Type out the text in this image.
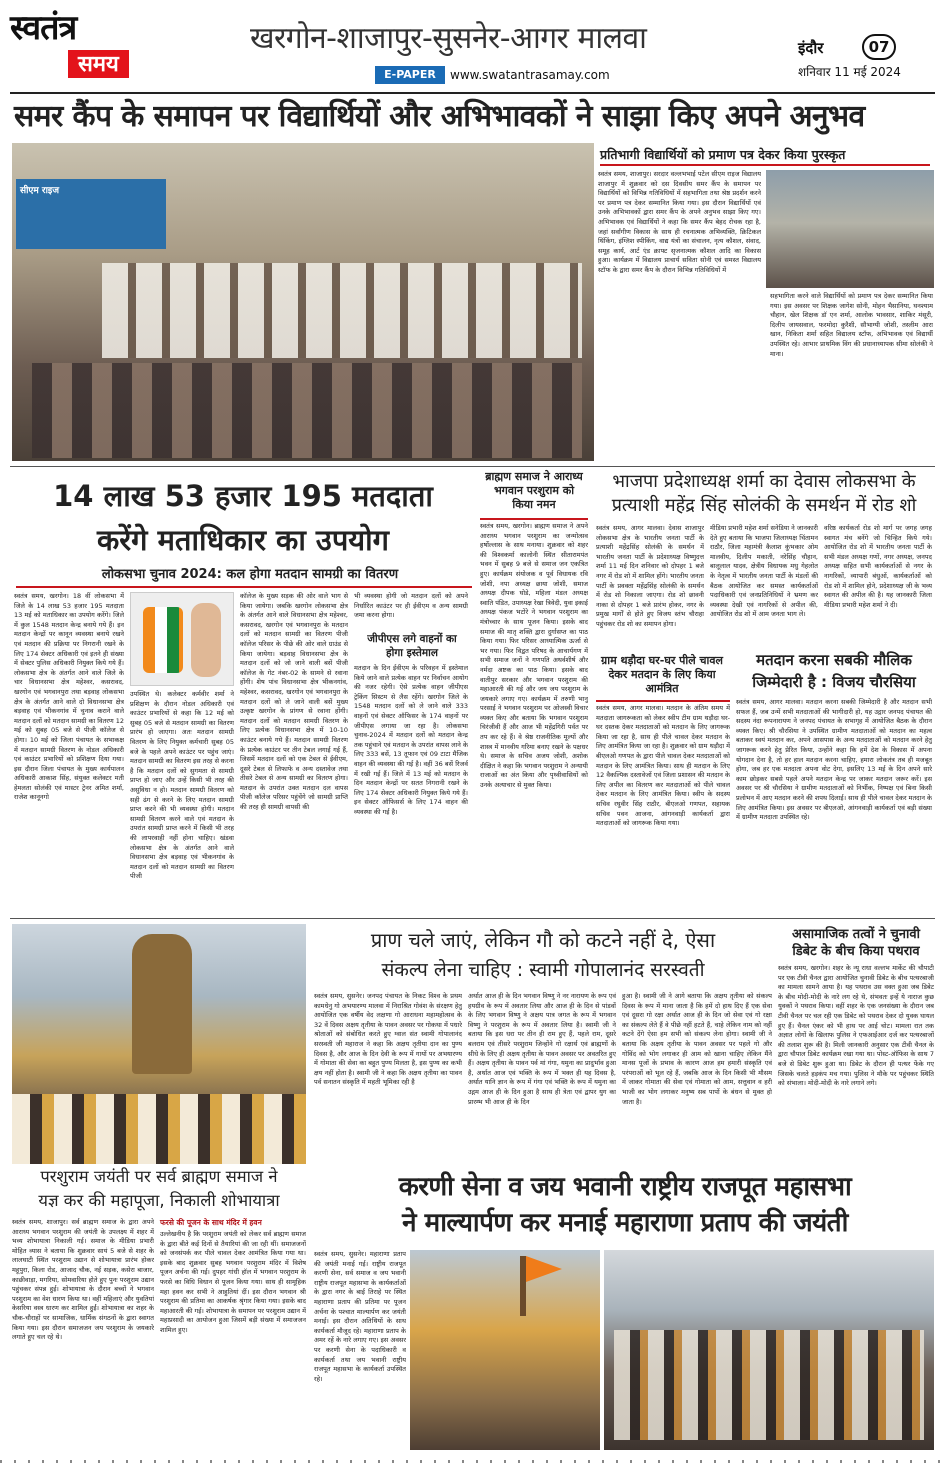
स्वतंत्र
समय
खरगोन-शाजापुर-सुसनेर-आगर मालवा	इंदौर	07
शनिवार 11 मई 2024
E-PAPER	www.swatantrasamay.com
समर कैंप के समापन पर विद्यार्थियों और अभिभावकों ने साझा किए अपने अनुभव
सीएम राइज
प्रतिभागी विद्यार्थियों को प्रमाण पत्र देकर किया पुरस्कृत
स्वतंत्र समय, शाजापुर। सरदार वल्लभभाई पटेल सीएम राइज विद्यालय शाजापुर में शुक्रवार को दस दिवसीय समर कैंप के समापन पर विद्यार्थियों को विभिन्न गतिविधियों में सहभागिता तथा श्रेष्ठ प्रदर्शन करने पर प्रमाण पत्र देकर सम्मानित किया गया। इस दौरान विद्यार्थियों एवं उनके अभिभावकों द्वारा समर कैंप के अपने अनुभव साझा किए गए। अभिभावक एवं विद्यार्थियों ने कहा कि समर कैंप बेहद रोचक रहा है, जहां सर्वांगीण विकास के साथ ही रचनात्मक अभिव्यक्ति, क्रिटिकल थिंकिंग, इंग्लिश स्पीकिंग, वाद्य यंत्रों का संचालन, नृत्य कौशल, संवाद, समूह कार्य, आर्ट एंड क्राफ्ट सृजनात्मक कौशल आदि का विकास हुआ। कार्यक्रम में विद्यालय प्राचार्य सविता सोनी एवं समस्त विद्यालय स्टॉफ के द्वारा समर कैंप के दौरान विभिन्न गतिविधियों में
सहभागिता करने वाले विद्यार्थियों को प्रमाण पत्र देकर सम्मानित किया गया। इस अवसर पर शिक्षक जागेश सोनी, मोहन भैसानिया, घनश्याम चौहान, खेल शिक्षक डॉ एन शर्मा, आलोक भावसार, शाकिर मंसूरी, दिलीप जायसवाल, फरमोदा कुरैशी, सौभाग्यी जोशी, तस्लीम आरा खान, निकिता शर्मा सहित विद्यालय स्टॉफ, अभिभावक एवं विद्यार्थी उपस्थित रहे। आभार प्राथमिक विंग की प्रधानाध्यापक सीमा सोलंकी ने माना।
14 लाख 53 हजार 195 मतदाता
करेंगे मताधिकार का उपयोग
लोकसभा चुनाव 2024: कल होगा मतदान सामग्री का वितरण
स्वतंत्र समय, खरगोन। 18 वीं लोकसभा में जिले के 14 लाख 53 हजार 195 मतदाता 13 मई को मताधिकार का उपयोग करेंगे। जिले में कुल 1548 मतदान केन्द्र बनाये गये हैं। इन मतदान केन्द्रों पर कानून व्यवस्था बनाये रखने एवं मतदान की प्रक्रिया पर निगरानी रखने के लिए 174 सेक्टर अधिकारी एवं इतने ही संख्या में सेक्टर पुलिस अधिकारी नियुक्त किये गये हैं। लोकसभा क्षेत्र के अंतर्गत आने वाले जिले के चार विधानसभा क्षेत्र महेश्वर, कसरावद, खरगोन एवं भगवानपुरा तथा बड़वाह लोकसभा क्षेत्र के अंतर्गत आने वाले दो विधानसभा क्षेत्र बड़वाह एवं भीकनगांव में चुनाव कराने वाले मतदान दलों को मतदान सामग्री का वितरण 12 मई को सुबह 05 बजे से पीजी कॉलेज से होगा। 10 मई को जिला पंचायत के सभाकक्ष में मतदान सामग्री वितरण के नोडल अधिकारी एवं काउंटर प्रभारियों को प्रशिक्षण दिया गया। इस दौरान जिला पंचायत के मुख्य कार्यपालन अधिकारी आकाश सिंह, संयुक्त कलेक्टर मती हेमलता सोलंकी एवं मास्टर ट्रेनर अमित शर्मा, राजेश कानूनगो
उपस्थित थे। कलेक्टर कर्मवीर शर्मा ने प्रशिक्षण के दौरान नोडल अधिकारी एवं काउंटर प्रभारियों से कहा कि 12 मई को सुबह 05 बजे से मतदान सामग्री का वितरण प्रारंभ हो जाएगा। अतः मतदान सामग्री वितरण के लिए नियुक्त कर्मचारी सुबह 05 बजे के पहले अपने काउंटर पर पहुंच जाएं। मतदान सामग्री का वितरण इस तरह से करना है कि मतदान दलों को सुगमता से सामग्री प्राप्त हो जाए और उन्हें किसी भी तरह की असुविधा न हो। मतदान सामग्री वितरण को सही ढंग से करने के लिए मतदान सामग्री प्राप्त करने की भी व्यवस्था होगी। मतदान सामग्री वितरण करने वाले एवं मतदान के उपरांत सामग्री प्राप्त करने में किसी भी तरह की लापरवाही नहीं होना चाहिए। खंडवा लोकसभा क्षेत्र के अंतर्गत आने वाले विधानसभा क्षेत्र बड़वाह एवं भीकनगांव के मतदान दलों को मतदान सामग्री का वितरण पीजी
कॉलेज के मुख्य सड़क की ओर वाले भाग से किया जायेगा। जबकि खरगोन लोकसभा क्षेत्र के अंतर्गत आने वाले विधानसभा क्षेत्र महेश्वर, कसरावद, खरगोन एवं भगवानपुरा के मतदान दलों को मतदान सामग्री का वितरण पीजी कॉलेज परिसर के पीछे की ओर वाले ग्राउंड से किया जायेगा। बड़वाह विधानसभा क्षेत्र के मतदान दलों को जो जाने वाली बसें पीजी कॉलेज के गेट नंबर-02 के सामने से रवाना होंगी। शेष पांच विधानसभा क्षेत्र भीकनगांव, महेश्वर, कसरावद, खरगोन एवं भगवानपुरा के मतदान दलों को ले जाने वाली बसें मुख्य उत्कृष्ट खरगोन के प्रांगण से रवाना होंगी। मतदान दलों को मतदान सामग्री वितरण के लिए प्रत्येक विधानसभा क्षेत्र में 10-10 काउंटर बनाये गये हैं। मतदान सामग्री वितरण के प्रत्येक काउंटर पर तीन टेबल लगाई गई हैं, जिसमें मतदान दलों को एक टेबल से ईवीएम, दूसरे टेबल से लिफाफे व अन्य दस्तावेज तथा तीसरे टेबल से अन्य सामग्री का वितरण होगा। मतदान के उपरांत उक्त मतदान दल वापस पीजी कॉलेज परिसर पहुंचेंगे जो सामग्री प्राप्ति की तरह ही सामग्री वापसी की
भी व्यवस्था होगी जो मतदान दलों को अपने निर्धारित काउंटर पर ही ईवीएम व अन्य सामग्री जमा करना होगा।
जीपीएस लगे वाहनों का होगा इस्तेमाल
मतदान के दिन ईवीएम के परिवहन में इस्तेमाल किये जाने वाले प्रत्येक वाहन पर निर्वाचन आयोग की नजर रहेगी। ऐसे प्रत्येक वाहन जीपीएस ट्रेकिंग सिस्टम से लैस रहेंगे। खरगोन जिले के 1548 मतदान दलों को ले जाने वाले 333 वाहनों एवं सेक्टर ऑफिसर के 174 वाहनों पर जीपीएस लगाया जा रहा है। लोकसभा चुनाव-2024 में मतदान दलों को मतदान केन्द्र तक पहुंचाने एवं मतदान के उपरांत वापस लाने के लिए 333 बसें, 13 तूफान एवं 09 टाटा मैजिक वाहन की व्यवस्था की गई है। वहीं 36 बसें रिजर्व में रखी गई हैं। जिले में 13 मई को मतदान के दिन मतदान केन्द्रों पर सतत निगरानी रखने के लिए 174 सेक्टर अधिकारी नियुक्त किये गये हैं। इन सेक्टर ऑफिसर्स के लिए 174 वाहन की व्यवस्था की गई है।
ब्राह्मण समाज ने आराध्य भगवान परशुराम को किया नमन
स्वतंत्र समय, खरगोन। ब्राह्मण समाज ने अपने आराध्य भगवान परशुराम का जन्मोत्सव हर्षोल्लास के साथ मनाया। शुक्रवार को शहर की विश्वकर्मा कालोनी स्थित सीतारामपंत भवन में सुबह 9 बजे से समाज जन एकत्रित हुए। कार्यक्रम संयोजक व पूर्व विधायक रवि जोशी, नपा अध्यक्ष छाया जोशी, समाज अध्यक्ष दीपक घोडे, महिला मंडल अध्यक्ष स्वाति पंडित, उपाध्यक्ष रेखा त्रिवेदी, युवा इकाई अध्यक्ष पंकज भटोरे ने भगवान परशुराम का मंत्रोच्चार के साथ पूजन किया। इसके बाद समाज की मातृ शक्ति द्वारा दुर्गासप्त का पाठ किया गया। फिर परिसर आध्यात्मिक ऊर्जा से भर गया। फिर विद्वत परिषद के आचार्यगण में सभी समाज जनों ने गणपति अथर्वशीर्ष और नर्मदा अष्टक का पाठ किया। इसके बाद वातीपुर सरकार और भगवान परशुराम की महाआरती की गई और जय जय परशुराम के जयकारे लगाए गए। कार्यक्रम में तरुणी भानु परसाई ने भगवान परशुराम पर ओजस्वी विचार व्यक्त किए और बताया कि भगवान परशुराम चिरंजीवी हैं और आज भी महेंद्रगिरी पर्वत पर तप कर रहे हैं। वे श्रेष्ठ राजनीतिक मूल्यों और शास्त्र में मानवीय गरिमा बनाए रखने के पक्षधर थे। समाज के सचिव अजय जोशी, अशोक दीक्षित ने कहा कि भगवान परशुराम ने अन्यायी राजाओं का अंत किया और पृथ्वीवासियों को उनके अत्याचार से मुक्त किया।
भाजपा प्रदेशाध्यक्ष शर्मा का देवास लोकसभा के
प्रत्याशी महेंद्र सिंह सोलंकी के समर्थन में रोड शो
स्वतंत्र समय, आगर मालवा। देवास शाजापुर लोकसभा क्षेत्र के भारतीय जनता पार्टी के प्रत्याशी महेंद्रसिंह सोलंकी के समर्थन में भारतीय जनता पार्टी के प्रदेशाध्यक्ष विष्णुदत्त शर्मा 11 मई दिन शनिवार को दोपहर 1 बजे नगर में रोड शो में शामिल होंगे। भारतीय जनता पार्टी के प्रवक्ता महेंद्रसिंह सोलंकी के समर्थन में रोड शो निकाला जाएगा। रोड शो छावनी नाका से दोपहर 1 बजे प्रारंभ होकर, नगर के प्रमुख मार्गों से होते हुए विजय स्तंभ चौराहा पहुंचकर रोड शो का समापन होगा।
मीडिया प्रभारी महेश शर्मा सनेडिया ने जानकारी देते हुए बताया कि भाजपा जिलाध्यक्ष चिंतामन राठौर, जिला महामंत्री कैलाश कुंभकार ओम मालवीय, दिलीप मकाती, नरेसिंह चौहान, बालूलाल यादव, क्षेत्रीय विधायक मधु गेहलोत के नेतृत्व में भारतीय जनता पार्टी के मंडलों की बैठक आयोजित कर समस्त कार्यकर्ताओं पदाधिकारी एवं जनप्रतिनिधियों ने भ्रमण कर व्यवस्था देखी एवं नागरिकों से अपील की, आयोजित रोड शो में आम जनता भाग ले।
वरिष्ठ कार्यकर्ता रोड शो मार्ग पर जगह जगह स्वागत मंच बनेंगे जो चिन्हित किये गये। आयोजित रोड शो में भारतीय जनता पार्टी के सभी मंडल अध्यक्ष गणों, नगर अध्यक्ष, जनपद अध्यक्ष सहित सभी कार्यकर्ताओं से नगर के नागरिकों, व्यापारी बंधुओं, कार्यकर्ताओं को रोड शो में शामिल होने, प्रदेशाध्यक्ष जी के भव्य स्वागत की अपील की है। यह जानकारी जिला मीडिया प्रभारी महेश शर्मा ने दी।
ग्राम थड़ौदा घर-घर पीले चावल देकर मतदान के लिए किया आमंत्रित
स्वतंत्र समय, आगर मालवा। मतदान के अंतिम समय में मतदाता जागरूकता को लेकर स्वीप टीम ग्राम थड़ौदा घर-घर दस्तक देकर मतदाताओं को मतदान के लिए जागरूक किया जा रहा है, साथ ही पीले चावल देकर मतदान के लिए आमंत्रित किया जा रहा है। शुक्रवार को ग्राम थड़ौदा में बीएलओ गणपत के द्वारा पीले चावल देकर मतदाताओं को मतदान के लिए आमंत्रित किया। साथ ही मतदान के लिए 12 वैकल्पिक दस्तावेजों एवं जिला प्रशासन की मतदान के लिए अपील का वितरण कर मतदाताओं को पीले चावल देकर मतदान के लिए आमंत्रित किया। स्वीप के सदस्य सचिव रघुवीर सिंह राठौर, बीएलओ गणपत, सहायक सचिव पवन आजना, आंगनवाड़ी कार्यकर्ता द्वारा मतदाताओं को जागरूक किया गया।
मतदान करना सबकी मौलिक
जिम्मेदारी है : विजय चौरसिया
स्वतंत्र समय, आगर मालवा। मतदान करना सबकी जिम्मेदारी है और मतदान सभी सफल हैं, जब उन्में सभी मतदाताओं की भागीदारी हो, यह उद्गार जनपद पंचायत की सदस्य नंदा रूपनारायण ने जनपद पंचायत के सभागृह में आयोजित बैठक के दौरान व्यक्त किए। श्री चौरसिया ने उपस्थित ग्रामीण मतदाताओं को मतदान का महत्व बताकर स्वयं मतदान कर, अपने आसपास के अन्य मतदाताओं को मतदान करने हेतु जागरूक करने हेतु प्रेरित किया, उन्होंने कहा कि हमें देश के विकास में अपना योगदान देना है, तो हर हाल मतदान करना चाहिए, हमारा लोकतंत्र तब ही मजबूत होगा, जब हर एक मतदाता अपना वोट देगा, इसलिए 13 मई के दिन अपने सारे काम छोड़कर सबसे पहले अपने मतदान केन्द्र पर जाकर मतदान जरूर करें। इस अवसर पर श्री चौरसिया ने ग्रामीण मतदाताओं को निर्भीक, निष्पक्ष एवं बिना किसी प्रलोभन में आए मतदान करने की शपथ दिलाई। साथ ही पीले चावल देकर मतदान के लिए आमंत्रित किया। इस अवसर पर बीएलओ, आंगनवाड़ी कार्यकर्ता एवं बड़ी संख्या में ग्रामीण मतदाता उपस्थित रहे।
प्राण चले जाएं, लेकिन गौ को कटने नहीं दे, ऐसा
संकल्प लेना चाहिए : स्वामी गोपालानंद सरस्वती
स्वतंत्र समय, सुसनेर। जनपद पंचायत के निकट विश्व के प्रथम कामधेनु गो अभयारण्य मालवा में निराश्रित गोवंश के संरक्षण हेतु आयोजित एक वर्षीय वेद लक्षणा गो आराधना महामहोत्सव के 32 वें दिवस अक्षय तृतीया के पावन अवसर पर गोकथा में पधारे श्रोताओं को संबोधित करते हुए ग्वाल संत स्वामी गोपालानंद सरस्वती जी महाराज ने कहा कि अक्षय तृतीया दान का पुण्य दिवस है, और आज के दिन देवी के रूप में गायों पर अभयारण्य में गोमाता की सेवा का बहुत पुण्य मिलता है, इस पुण्य का कभी क्षय नहीं होता है। स्वामी जी ने कहा कि अक्षय तृतीया का पावन पर्व सनातन संस्कृति में महती भूमिका रही है
अर्थात आज ही के दिन भगवान विष्णु ने नर नारायण के रूप एवं हयग्रीव के रूप में अवतार लिया और आज ही के दिन से पांडवों के लिए भगवान विष्णु ने अक्षय पात्र जगत के रूप में भगवान विष्णु ने परशुराम के रूप में अवतार लिया है। स्वामी जी ने बताया कि इस धरा पर तीन ही राम हुए हैं, पहले राम, दूसरे बलराम एवं तीसरे परशुराम जिन्होंने गो रक्षार्थ एवं ब्राह्मणों के सीधे के लिए ही अक्षय तृतीया के पावन अवसर पर अवतरित हुए हैं। अक्षय तृतीया के पावन पर्व मां गंगा, यमुना का प्रादुर्भाव हुआ है, अर्थात आज एवं भक्ति के रूप में भक्त ही यह दिवस है, अर्थात यानि ज्ञान के रूप में गंगा एवं भक्ति के रूप में यमुना का उद्गम आज ही के दिन हुआ है साथ ही त्रेता एवं द्वापर युग का प्रारम्भ भी आज ही के दिन
हुआ है। स्वामी जी ने आगे बताया कि अक्षय तृतीया को संकल्प दिवस के रूप में माना जाता है कि हमें दो हाथ दिए हैं एक सेवा एवं दूसरा गो रक्षा अर्थात आज ही के दिन जो सेवा एवं गो रक्षा का संकल्प लेते हैं वे पीछे नहीं हटते हैं, चाहे लेकिन नाम को नहीं कटने देंगे ऐसा हम सभी को संकल्प लेना होगा। स्वामी जी ने बताया कि अक्षय तृतीया के पावन अवसर पर पहले गो और गोविंद को भोग लगाकर ही आम को खाना चाहिए लेकिन मैंने मानस पूजों के प्रभाव के कारण आज हम हमारी संस्कृति एवं परंपराओं को भूल रहे हैं, जबकि आज के दिन किसी भी मौसम में जाकर गोमाता की सेवा एवं गोमाता को आम, सत्तुवान व हरी भाजी का भोग लगाकर मनुष्य सब पापों के बंधन से मुक्त हो जाता है।
असामाजिक तत्वों ने चुनावी
डिबेट के बीच किया पथराव
स्वतंत्र समय, खरगोन। शहर के न्यू राधा वल्लभ मार्केट की चौपाटी पर एक टीवी चैनल द्वारा आयोजित चुनावी डिबेट के बीच पत्थरबाजी का मामला सामने आया है। यह पथराव उस वक्त हुआ जब डिबेट के बीच मोदी-मोदी के नारे लग रहे थे, संभवतः इन्हें ये नाराज कुछ युवकों ने पथराव किया। वहीं शहर के एक जनसंख्या के दौरान जब टीवी चैनल पर चल रही एक डिबेट को पथराव देकर दो युवक घायल हुए हैं। चैनल एंकर को भी हाथ पर आई चोट। मामला रात तक अज्ञात लोगों के खिलाफ पुलिस ने एफआईआर दर्ज कर पत्थरबाजों की तलाश शुरू की है। मिली जानकारी अनुसार एक टीवी चैनल के द्वारा चौपाल डिबेट कार्यक्रम रखा गया था। पोस्ट-ऑफिस के साथ 7 बजे से डिबेट शुरू हुआ था। डिबेट के दौरान ही पत्थर फेंके गए जिसके चलते हड़कंप मच गया। पुलिस ने मौके पर पहुंचकर स्थिति को संभाला। मोदी-मोदी के नारे लगाने लगे।
परशुराम जयंती पर सर्व ब्राह्मण समाज ने
यज्ञ कर की महापूजा, निकाली शोभायात्रा
स्वतंत्र समय, शाजापुर। सर्व ब्राह्मण समाज के द्वारा अपने आराध्य भगवान परशुराम की जयंती के उपलक्ष्य में शहर में भव्य शोभायात्रा निकाली गई। समाज के मीडिया प्रभारी मोहित व्यास ने बताया कि शुक्रवार सायं 5 बजे से शहर के लालघाटी स्थित परशुराम उद्यान से शोभायात्रा प्रारंभ होकर महूपुरा, किला रोड, आजाद चौक, नई सड़क, कसेरा बाजार, काछीवाड़ा, मगरिया, सोमवारिया होते हुए पुनः परशुराम उद्यान पहुंचकर संपन्न हुई। शोभायात्रा के दौरान बच्चों ने भगवान परशुराम का वेश धारण किया था। वहीं महिलाएं और युवतियां केसरिया वस्त्र धारण कर शामिल हुईं। शोभायात्रा का शहर के चौक-चौराहों पर सामाजिक, धार्मिक संगठनों के द्वारा स्वागत किया गया। इस दौरान समाजजन जय परशुराम के जयकारे लगाते हुए चल रहे थे।
फरसे की पूजन के साथ मंदिर में हवन
उल्लेखनीय है कि परशुराम जयंती को लेकर सर्व ब्राह्मण समाज के द्वारा बीते कई दिनों से तैयारियां की जा रही थीं। समाजजनों को जनसंपर्क कर पीले चावल देकर आमंत्रित किया गया था। इसके बाद शुक्रवार सुबह भगवान परशुराम मंदिर में विशेष पूजन अर्चना की गई। दुपहर गांधी हॉल में भगवान परशुराम के फरसे का विधि विधान से पूजन किया गया। साथ ही सामूहिक महा हवन कर सभी ने आहुतियां दीं। इस दौरान भगवान श्री परशुराम की प्रतिमा का आकर्षक श्रृंगार किया गया। इसके बाद महाआरती की गई। शोभायात्रा के समापन पर परशुराम उद्यान में महाप्रसादी का आयोजन हुआ जिसमें बड़ी संख्या में समाजजन शामिल हुए।
करणी सेना व जय भवानी राष्ट्रीय राजपूत महासभा
ने माल्यार्पण कर मनाई महाराणा प्रताप की जयंती
स्वतंत्र समय, सुसनेर। महाराणा प्रताप की जयंती मनाई गई। राष्ट्रीय राजपूत करणी सेना, सर्व समाज व जय भवानी राष्ट्रीय राजपूत महासभा के कार्यकर्ताओं के द्वारा नगर के बाई तिराहे पर स्थित महाराणा प्रताप की प्रतिमा पर पूजन अर्चना के पश्चात माल्यार्पण कर जयंती मनाई। इस दौरान अतिथियों के साथ कार्यकर्ता मौजूद रहे। महाराणा प्रताप के अमर रहें के नारे लगाए गए। इस अवसर पर करणी सेना के पदाधिकारी व कार्यकर्ता तथा जय भवानी राष्ट्रीय राजपूत महासभा के कार्यकर्ता उपस्थित रहे।
